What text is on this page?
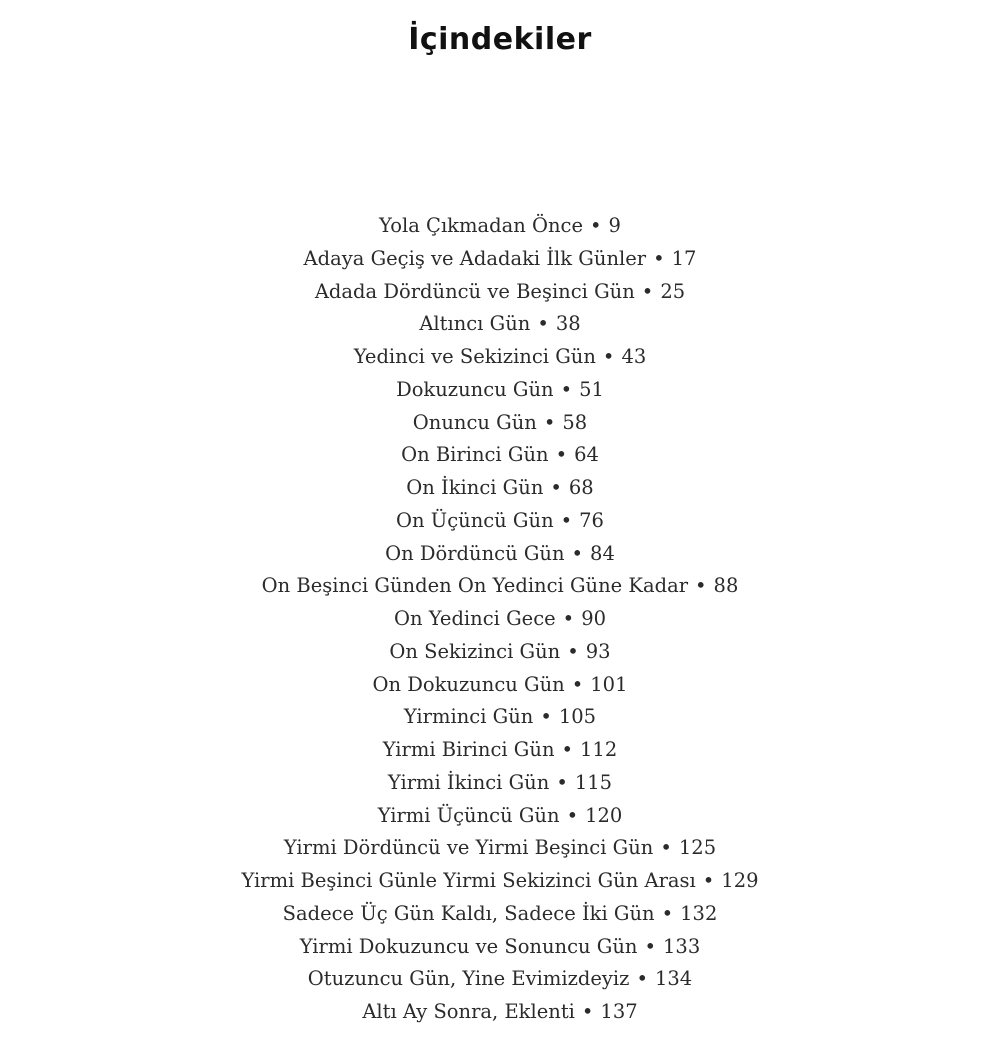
İçindekiler
Yola Çıkmadan Önce • 9
Adaya Geçiş ve Adadaki İlk Günler • 17
Adada Dördüncü ve Beşinci Gün • 25
Altıncı Gün • 38
Yedinci ve Sekizinci Gün • 43
Dokuzuncu Gün • 51
Onuncu Gün • 58
On Birinci Gün • 64
On İkinci Gün • 68
On Üçüncü Gün • 76
On Dördüncü Gün • 84
On Beşinci Günden On Yedinci Güne Kadar • 88
On Yedinci Gece • 90
On Sekizinci Gün • 93
On Dokuzuncu Gün • 101
Yirminci Gün • 105
Yirmi Birinci Gün • 112
Yirmi İkinci Gün • 115
Yirmi Üçüncü Gün • 120
Yirmi Dördüncü ve Yirmi Beşinci Gün • 125
Yirmi Beşinci Günle Yirmi Sekizinci Gün Arası • 129
Sadece Üç Gün Kaldı, Sadece İki Gün • 132
Yirmi Dokuzuncu ve Sonuncu Gün • 133
Otuzuncu Gün, Yine Evimizdeyiz • 134
Altı Ay Sonra, Eklenti • 137
